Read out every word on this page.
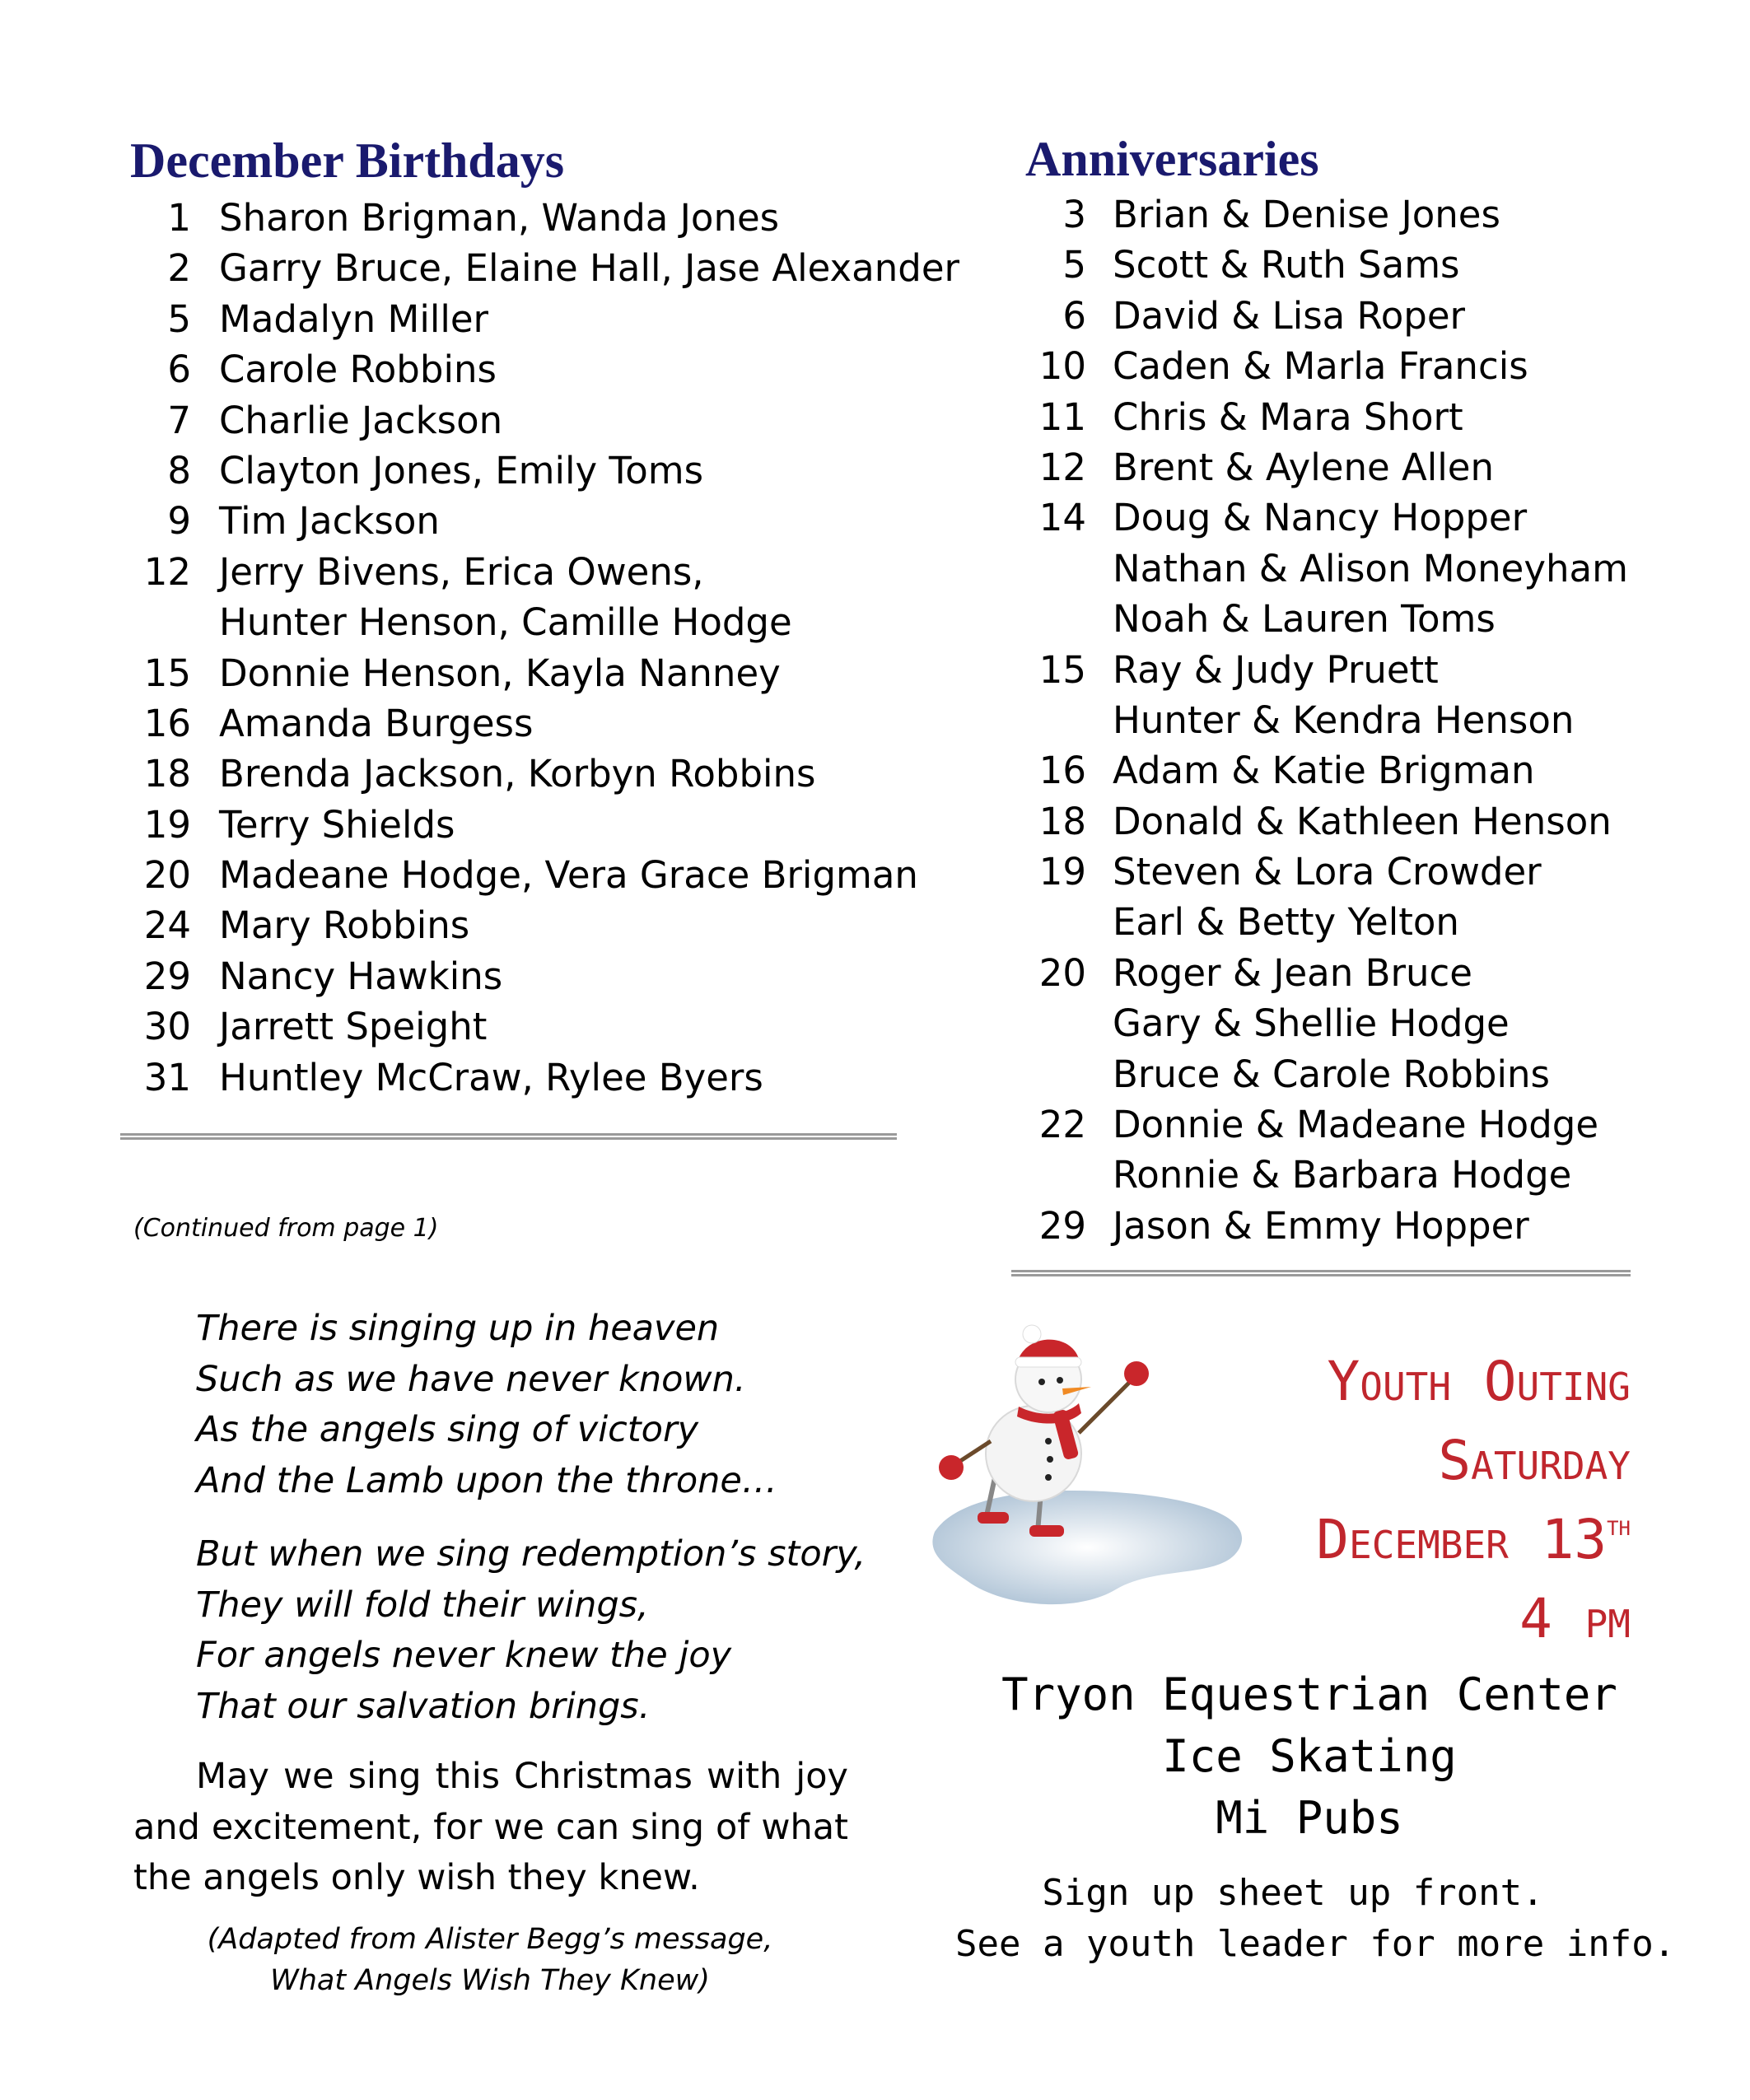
December Birthdays
1 Sharon Brigman, Wanda Jones
2 Garry Bruce, Elaine Hall, Jase Alexander
5 Madalyn Miller
6 Carole Robbins
7 Charlie Jackson
8 Clayton Jones, Emily Toms
9 Tim Jackson
12 Jerry Bivens, Erica Owens,
Hunter Henson, Camille Hodge
15 Donnie Henson, Kayla Nanney
16 Amanda Burgess
18 Brenda Jackson, Korbyn Robbins
19 Terry Shields
20 Madeane Hodge, Vera Grace Brigman
24 Mary Robbins
29 Nancy Hawkins
30 Jarrett Speight
31 Huntley McCraw, Rylee Byers
Anniversaries
3 Brian & Denise Jones
5 Scott & Ruth Sams
6 David & Lisa Roper
10 Caden & Marla Francis
11 Chris & Mara Short
12 Brent & Aylene Allen
14 Doug & Nancy Hopper
Nathan & Alison Moneyham
Noah & Lauren Toms
15 Ray & Judy Pruett
Hunter & Kendra Henson
16 Adam & Katie Brigman
18 Donald & Kathleen Henson
19 Steven & Lora Crowder
Earl & Betty Yelton
20 Roger & Jean Bruce
Gary & Shellie Hodge
Bruce & Carole Robbins
22 Donnie & Madeane Hodge
Ronnie & Barbara Hodge
29 Jason & Emmy Hopper
(Continued from page 1)
There is singing up in heaven
Such as we have never known.
As the angels sing of victory
And the Lamb upon the throne…
But when we sing redemption’s story,
They will fold their wings,
For angels never knew the joy
That our salvation brings.
May we sing this Christmas with joy and excitement, for we can sing of what the angels only wish they knew.
(Adapted from Alister Begg’s message,
What Angels Wish They Knew)
Youth Outing
Saturday
December 13th
4 pm
Tryon Equestrian Center
Ice Skating
Mi Pubs
Sign up sheet up front.
See a youth leader for more info.
